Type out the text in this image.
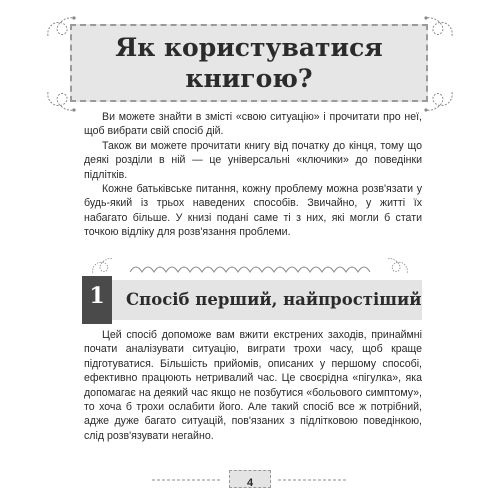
Як користуватися
книгою?

Ви можете знайти в змісті «свою ситуацію» і прочитати про неї, щоб вибрати свій спосіб дій.

Також ви можете прочитати книгу від початку до кінця, тому що деякі розділи в ній — це універсальні «ключики» до поведінки підлітків.

Кожне батьківське питання, кожну проблему можна розв'язати у будь-який із трьох наведених способів. Звичайно, у житті їх набагато більше. У книзі подані саме ті з них, які могли б стати точкою відліку для розв'язання проблеми.

1	Спосіб перший, найпростіший

Цей спосіб допоможе вам вжити екстрених заходів, принаймні почати аналізувати ситуацію, виграти трохи часу, щоб краще підготуватися. Більшість прийомів, описаних у першому способі, ефективно працюють нетривалий час. Це своєрідна «пігулка», яка допомагає на деякий час якщо не позбутися «больового симптому», то хоча б трохи ослабити його. Але такий спосіб все ж потрібний, адже дуже багато ситуацій, пов'язаних з підлітковою поведінкою, слід розв'язувати негайно.

4
